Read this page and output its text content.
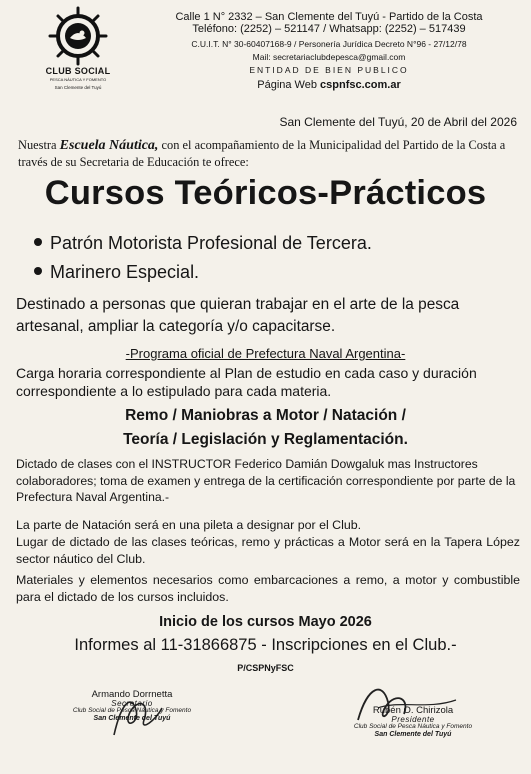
CLUB SOCIAL
PESCA NÁUTICA Y FOMENTO
San Clemente del Tuyú
Calle 1 N° 2332 – San Clemente del Tuyú - Partido de la Costa
Teléfono: (2252) – 521147 / Whatsapp: (2252) – 517439
C.U.I.T. N° 30-60407168-9 / Personería Jurídica Decreto N°96 - 27/12/78
Mail: secretariaclubdepesca@gmail.com
ENTIDAD DE BIEN PUBLICO
Página Web cspnfsc.com.ar
San Clemente del Tuyú, 20 de Abril del 2026
Nuestra Escuela Náutica, con el acompañamiento de la Municipalidad del Partido de la Costa a través de su Secretaria de Educación te ofrece:
Cursos Teóricos-Prácticos
Patrón Motorista Profesional de Tercera.
Marinero Especial.
Destinado a personas que quieran trabajar en el arte de la pesca artesanal, ampliar la categoría y/o capacitarse.
-Programa oficial de Prefectura Naval Argentina-
Carga horaria correspondiente al Plan de estudio en cada caso y duración correspondiente a lo estipulado para cada materia.
Remo / Maniobras a Motor / Natación /
Teoría / Legislación y Reglamentación.
Dictado de clases con el INSTRUCTOR Federico Damián Dowgaluk mas Instructores colaboradores; toma de examen y entrega de la certificación correspondiente por parte de la Prefectura Naval Argentina.-
La parte de Natación será en una pileta a designar por el Club.
Lugar de dictado de las clases teóricas, remo y prácticas a Motor será en la Tapera López sector náutico del Club.
Materiales y elementos necesarios como embarcaciones a remo, a motor y combustible para el dictado de los cursos incluidos.
Inicio de los cursos Mayo 2026
Informes al 11-31866875 - Inscripciones en el Club.-
P/CSPNyFSC
Armando Dorrnetta
Secretario
Club Social de Pesca Náutica y Fomento
San Clemente del Tuyú
Rubén O. Chirizola
Presidente
Club Social de Pesca Náutica y Fomento
San Clemente del Tuyú
